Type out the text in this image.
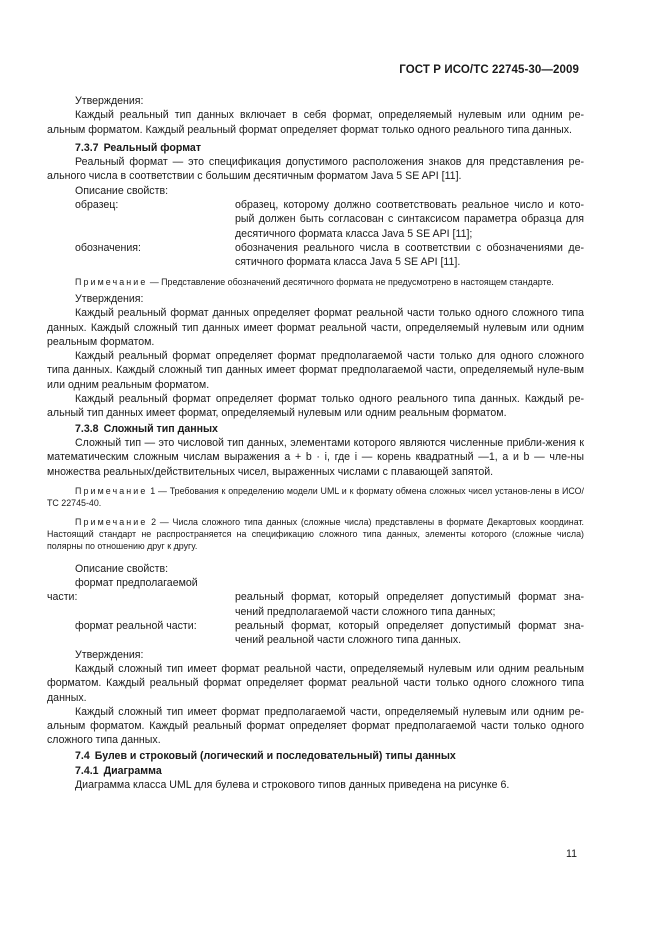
ГОСТ Р ИСО/ТС 22745-30—2009

Утверждения:

Каждый реальный тип данных включает в себя формат, определяемый нулевым или одним ре-альным форматом. Каждый реальный формат определяет формат только одного реального типа данных.

7.3.7 Реальный формат

Реальный формат — это спецификация допустимого расположения знаков для представления ре-ального числа в соответствии с большим десятичным форматом Java 5 SE API [11].

Описание свойств:

образец:	образец, которому должно соответствовать реальное число и кото-рый должен быть согласован с синтаксисом параметра образца для десятичного формата класса Java 5 SE API [11];
обозначения:	обозначения реального числа в соответствии с обозначениями де-сятичного формата класса Java 5 SE API [11].

Примечание — Представление обозначений десятичного формата не предусмотрено в настоящем стандарте.

Утверждения:

Каждый реальный формат данных определяет формат реальной части только одного сложного типа данных. Каждый сложный тип данных имеет формат реальной части, определяемый нулевым или одним реальным форматом.

Каждый реальный формат определяет формат предполагаемой части только для одного сложного типа данных. Каждый сложный тип данных имеет формат предполагаемой части, определяемый нуле-вым или одним реальным форматом.

Каждый реальный формат определяет формат только одного реального типа данных. Каждый ре-альный тип данных имеет формат, определяемый нулевым или одним реальным форматом.

7.3.8 Сложный тип данных

Сложный тип — это числовой тип данных, элементами которого являются численные прибли-жения к математическим сложным числам выражения a + b · i, где i — корень квадратный —1, a и b — чле-ны множества реальных/действительных чисел, выраженных числами с плавающей запятой.

Примечание 1 — Требования к определению модели UML и к формату обмена сложных чисел установ-лены в ИСО/ТС 22745-40.

Примечание 2 — Числа сложного типа данных (сложные числа) представлены в формате Декартовых координат. Настоящий стандарт не распространяется на спецификацию сложного типа данных, элементы которого (сложные числа) полярны по отношению друг к другу.

Описание свойств:

формат предполагаемой

части:	реальный формат, который определяет допустимый формат зна-чений предполагаемой части сложного типа данных;
формат реальной части:	реальный формат, который определяет допустимый формат зна-чений реальной части сложного типа данных.

Утверждения:

Каждый сложный тип имеет формат реальной части, определяемый нулевым или одним реальным форматом. Каждый реальный формат определяет формат реальной части только одного сложного типа данных.

Каждый сложный тип имеет формат предполагаемой части, определяемый нулевым или одним ре-альным форматом. Каждый реальный формат определяет формат предполагаемой части только одного сложного типа данных.

7.4 Булев и строковый (логический и последовательный) типы данных

7.4.1 Диаграмма

Диаграмма класса UML для булева и строкового типов данных приведена на рисунке 6.

11
